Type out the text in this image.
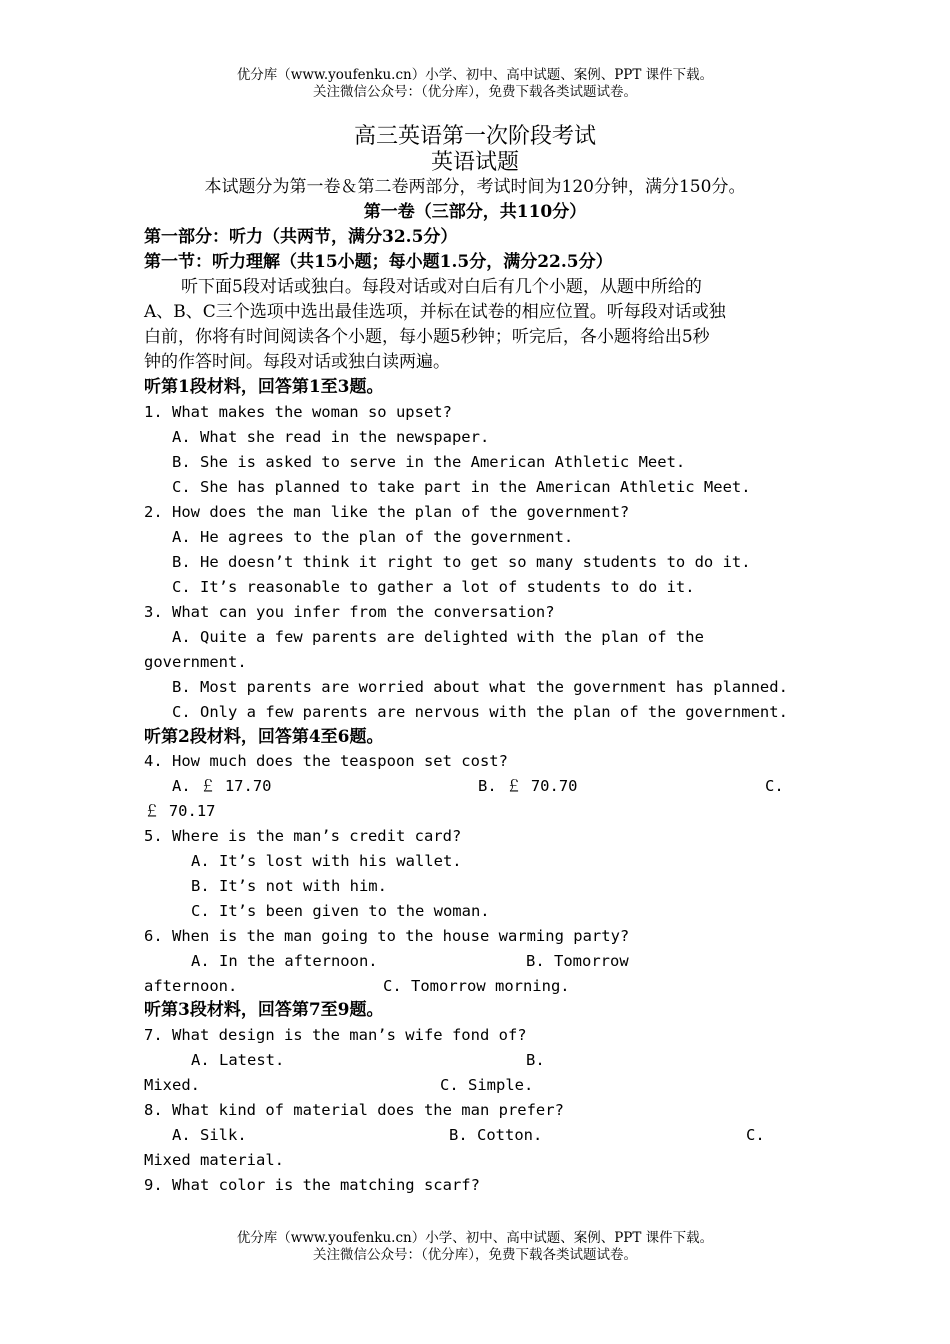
优分库（www.youfenku.cn）小学、初中、高中试题、案例、PPT 课件下载。
关注微信公众号：（优分库），免费下载各类试题试卷。
高三英语第一次阶段考试
英语试题
本试题分为第一卷＆第二卷两部分，考试时间为120分钟，满分150分。
第一卷（三部分，共110分）
第一部分：听力（共两节，满分32.5分）
第一节：听力理解（共15小题；每小题1.5分，满分22.5分）
听下面5段对话或独白。每段对话或对白后有几个小题，从题中所给的
A、B、C三个选项中选出最佳选项，并标在试卷的相应位置。听每段对话或独
白前，你将有时间阅读各个小题，每小题5秒钟；听完后，各小题将给出5秒
钟的作答时间。每段对话或独白读两遍。
听第1段材料，回答第1至3题。
1. What makes the woman so upset?
A. What she read in the newspaper.
B. She is asked to serve in the American Athletic Meet.
C. She has planned to take part in the American Athletic Meet.
2. How does the man like the plan of the government?
A. He agrees to the plan of the government.
B. He doesn’t think it right to get so many students to do it.
C. It’s reasonable to gather a lot of students to do it.
3. What can you infer from the conversation?
A. Quite a few parents are delighted with the plan of the
government.
B. Most parents are worried about what the government has planned.
C. Only a few parents are nervous with the plan of the government.
听第2段材料，回答第4至6题。
4. How much does the teaspoon set cost?
A. ￡ 17.70	B. ￡ 70.70	C.
￡ 70.17
5. Where is the man’s credit card?
A. It’s lost with his wallet.
B. It’s not with him.
C. It’s been given to the woman.
6. When is the man going to the house warming party?
A. In the afternoon.	B. Tomorrow
afternoon.	C. Tomorrow morning.
听第3段材料，回答第7至9题。
7. What design is the man’s wife fond of?
A. Latest.	B.
Mixed.	C. Simple.
8. What kind of material does the man prefer?
A. Silk.	B. Cotton.	C.
Mixed material.
9. What color is the matching scarf?
优分库（www.youfenku.cn）小学、初中、高中试题、案例、PPT 课件下载。
关注微信公众号：（优分库），免费下载各类试题试卷。
